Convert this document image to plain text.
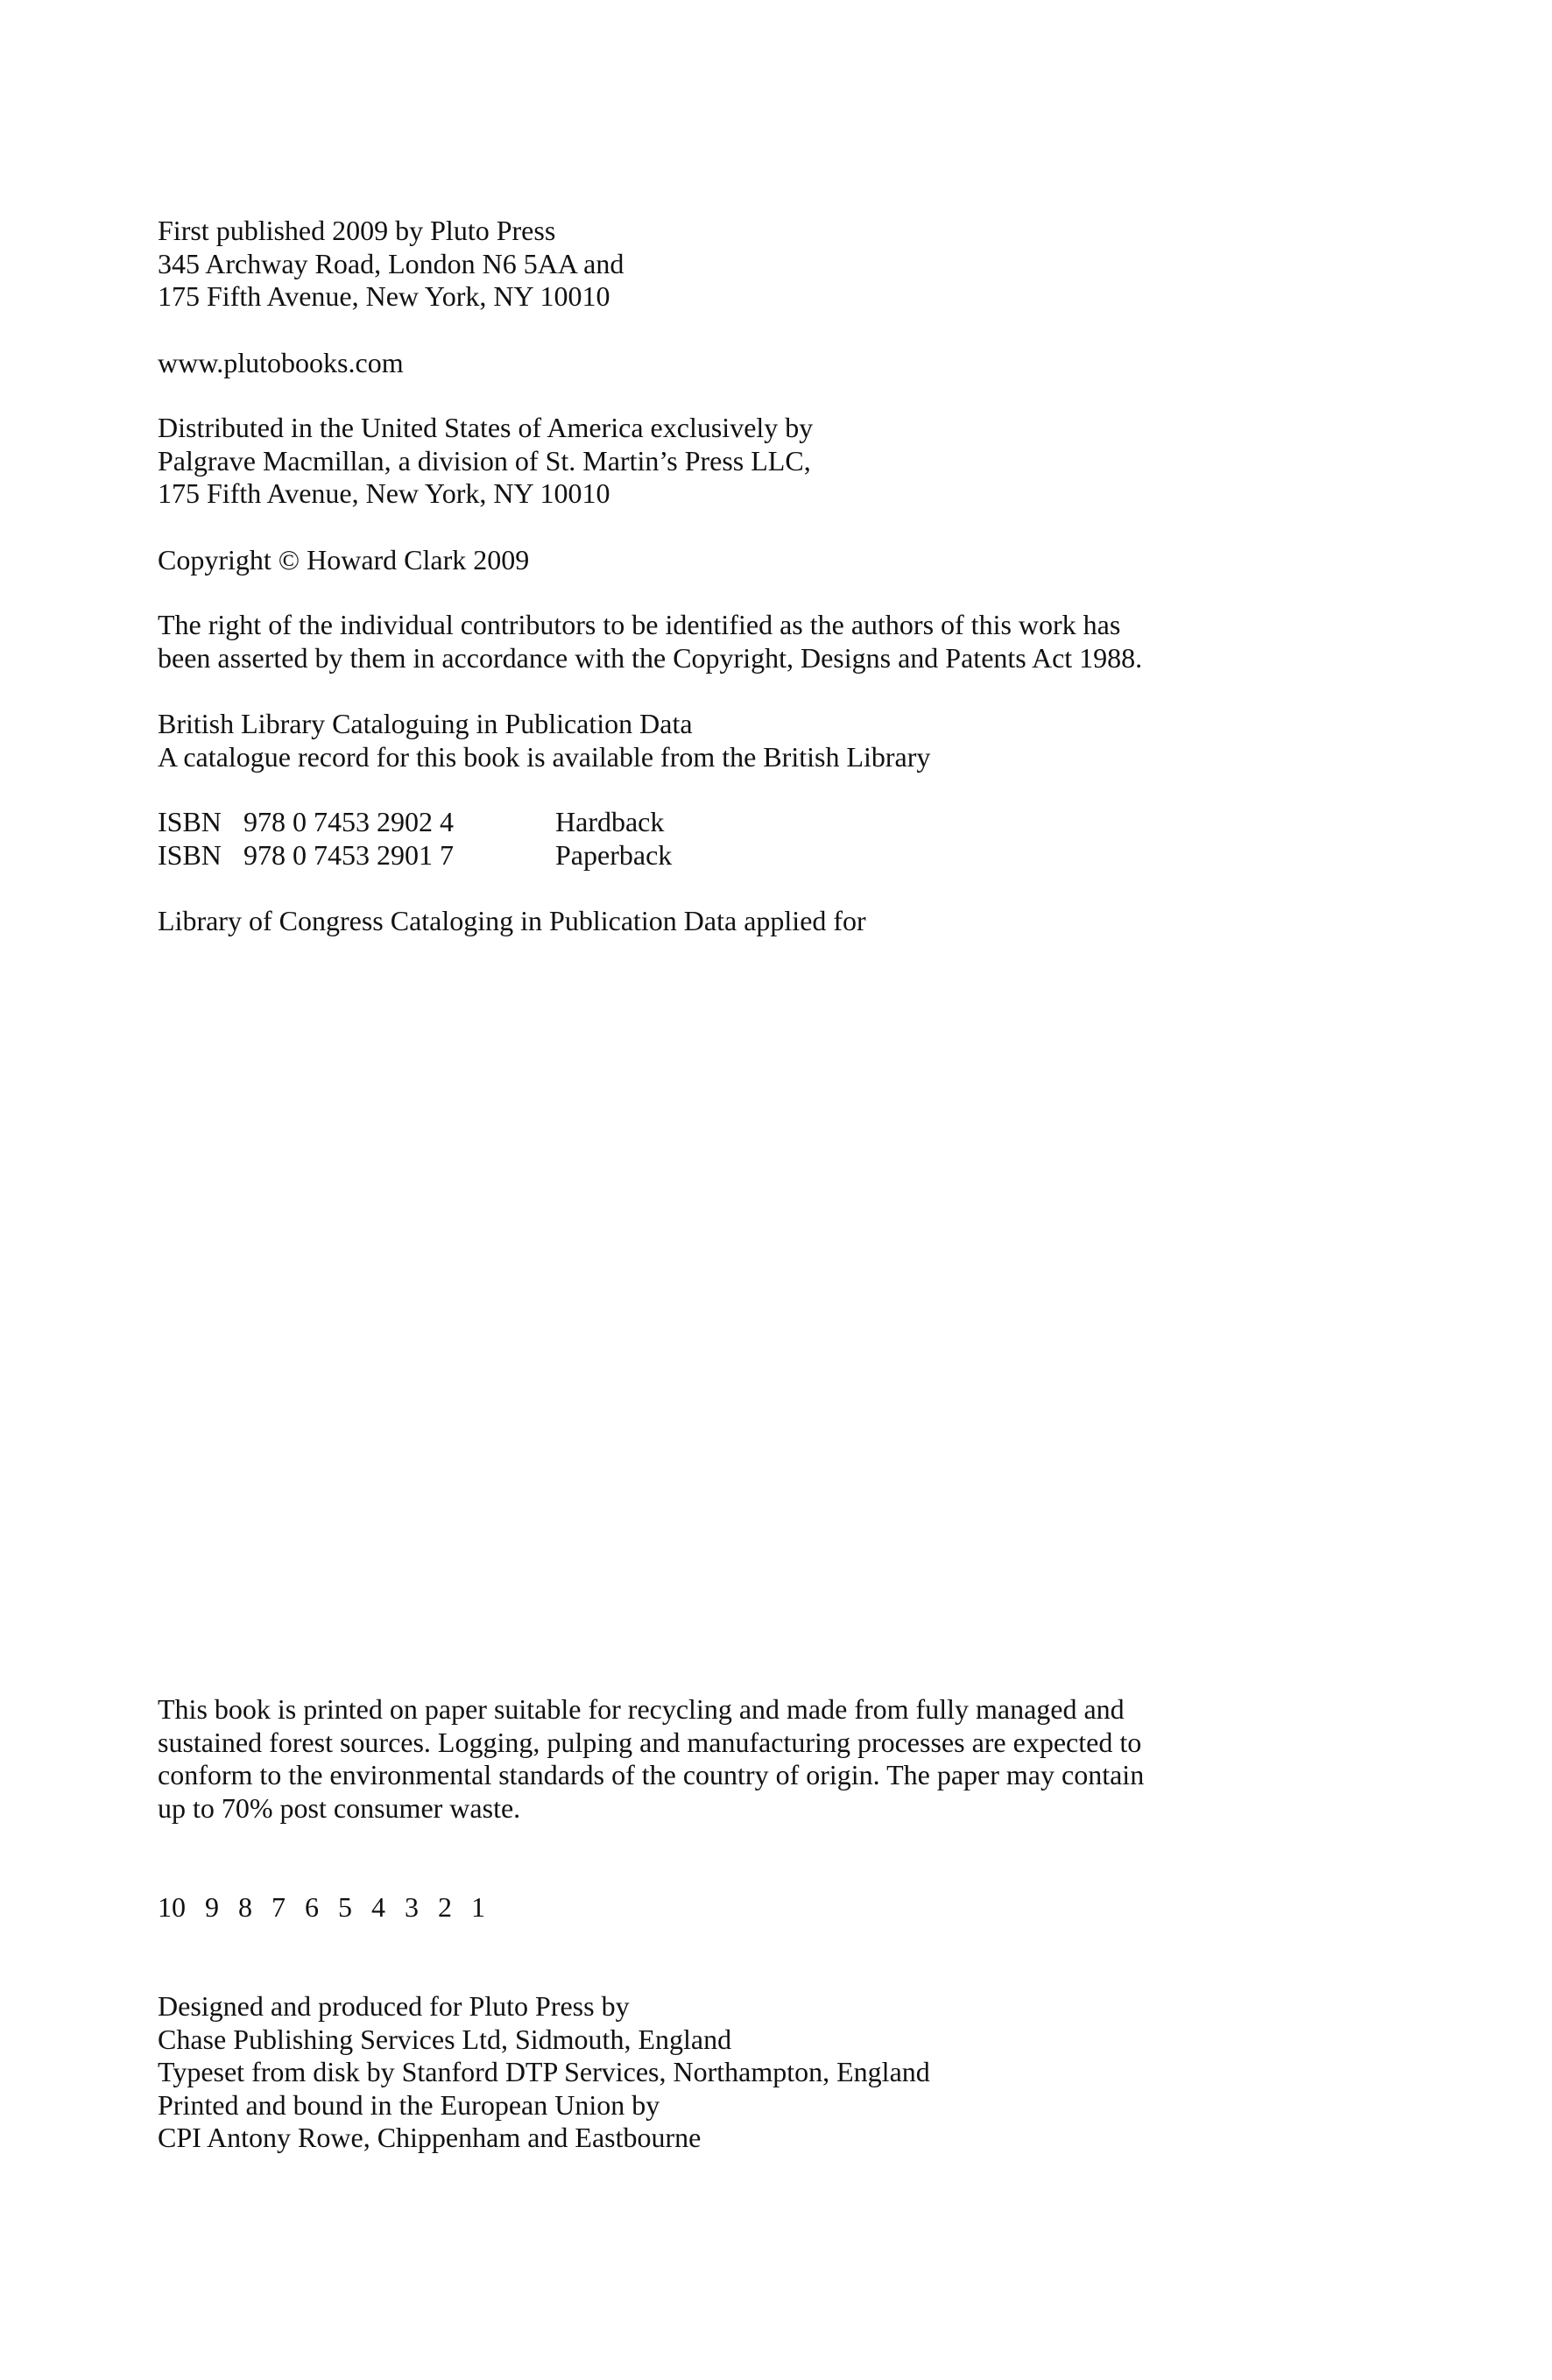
First published 2009 by Pluto Press
345 Archway Road, London N6 5AA and
175 Fifth Avenue, New York, NY 10010
www.plutobooks.com
Distributed in the United States of America exclusively by
Palgrave Macmillan, a division of St. Martin’s Press LLC,
175 Fifth Avenue, New York, NY 10010
Copyright © Howard Clark 2009
The right of the individual contributors to be identified as the authors of this work has
been asserted by them in accordance with the Copyright, Designs and Patents Act 1988.
British Library Cataloguing in Publication Data
A catalogue record for this book is available from the British Library
ISBN 978 0 7453 2902 4	Hardback
ISBN 978 0 7453 2901 7	Paperback
Library of Congress Cataloging in Publication Data applied for
This book is printed on paper suitable for recycling and made from fully managed and
sustained forest sources. Logging, pulping and manufacturing processes are expected to
conform to the environmental standards of the country of origin. The paper may contain
up to 70% post consumer waste.
10 9 8 7 6 5 4 3 2 1
Designed and produced for Pluto Press by
Chase Publishing Services Ltd, Sidmouth, England
Typeset from disk by Stanford DTP Services, Northampton, England
Printed and bound in the European Union by
CPI Antony Rowe, Chippenham and Eastbourne
